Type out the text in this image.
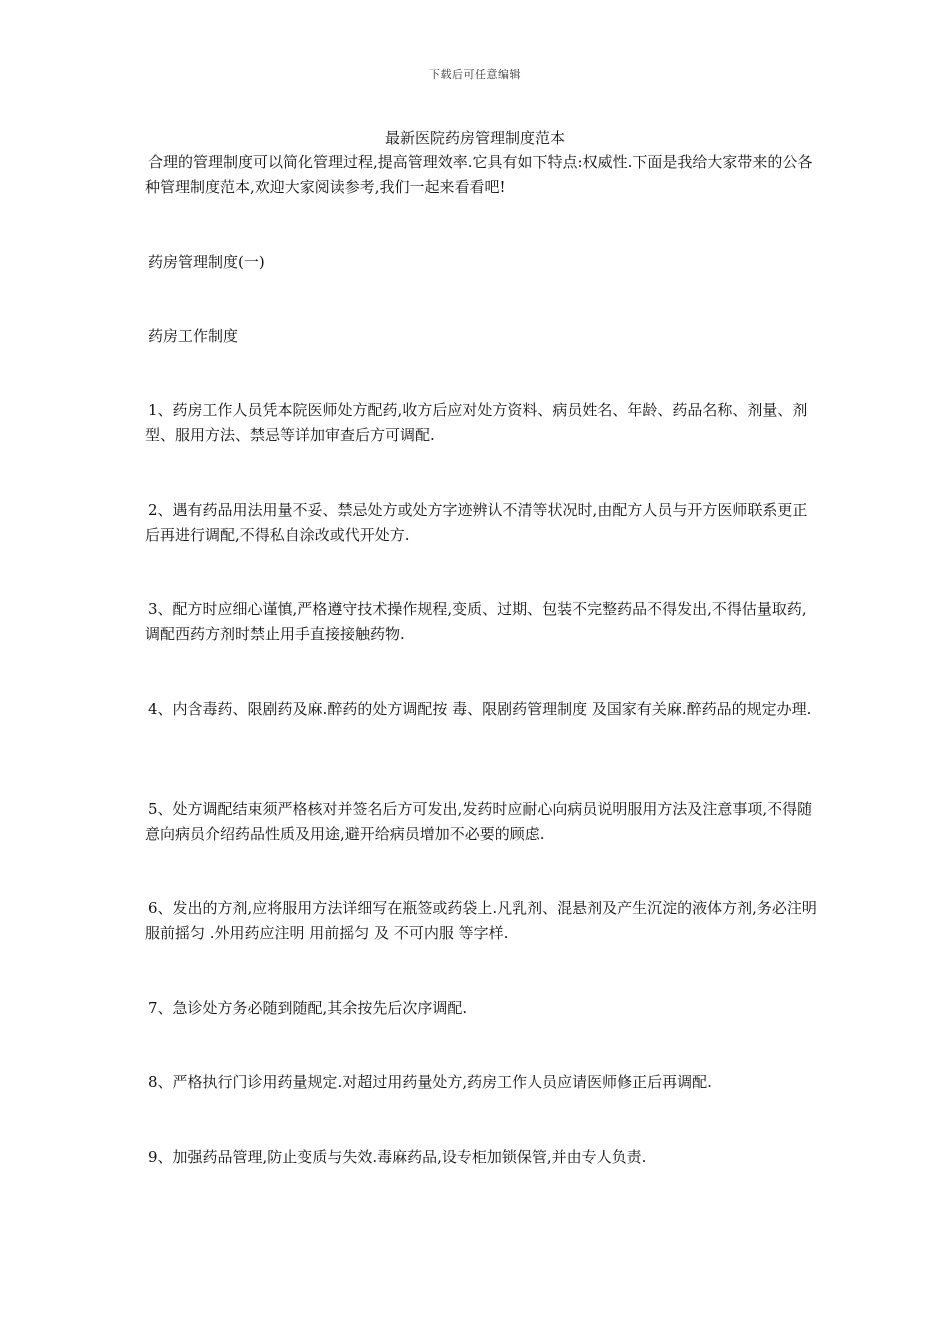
下载后可任意编辑
最新医院药房管理制度范本

合理的管理制度可以简化管理过程,提高管理效率.它具有如下特点:权威性.下面是我给大家带来的公各种管理制度范本,欢迎大家阅读参考,我们一起来看看吧!

药房管理制度(一)

药房工作制度

1、药房工作人员凭本院医师处方配药,收方后应对处方资料、病员姓名、年龄、药品名称、剂量、剂型、服用方法、禁忌等详加审查后方可调配.

2、遇有药品用法用量不妥、禁忌处方或处方字迹辨认不清等状况时,由配方人员与开方医师联系更正后再进行调配,不得私自涂改或代开处方.

3、配方时应细心谨慎,严格遵守技术操作规程,变质、过期、包装不完整药品不得发出,不得估量取药,调配西药方剂时禁止用手直接接触药物.

4、内含毒药、限剧药及麻.醉药的处方调配按 毒、限剧药管理制度 及国家有关麻.醉药品的规定办理.

5、处方调配结束须严格核对并签名后方可发出,发药时应耐心向病员说明服用方法及注意事项,不得随意向病员介绍药品性质及用途,避开给病员增加不必要的顾虑.

6、发出的方剂,应将服用方法详细写在瓶签或药袋上.凡乳剂、混悬剂及产生沉淀的液体方剂,务必注明 服前摇匀 .外用药应注明 用前摇匀 及 不可内服 等字样.

7、急诊处方务必随到随配,其余按先后次序调配.

8、严格执行门诊用药量规定.对超过用药量处方,药房工作人员应请医师修正后再调配.

9、加强药品管理,防止变质与失效.毒麻药品,设专柜加锁保管,并由专人负责.
